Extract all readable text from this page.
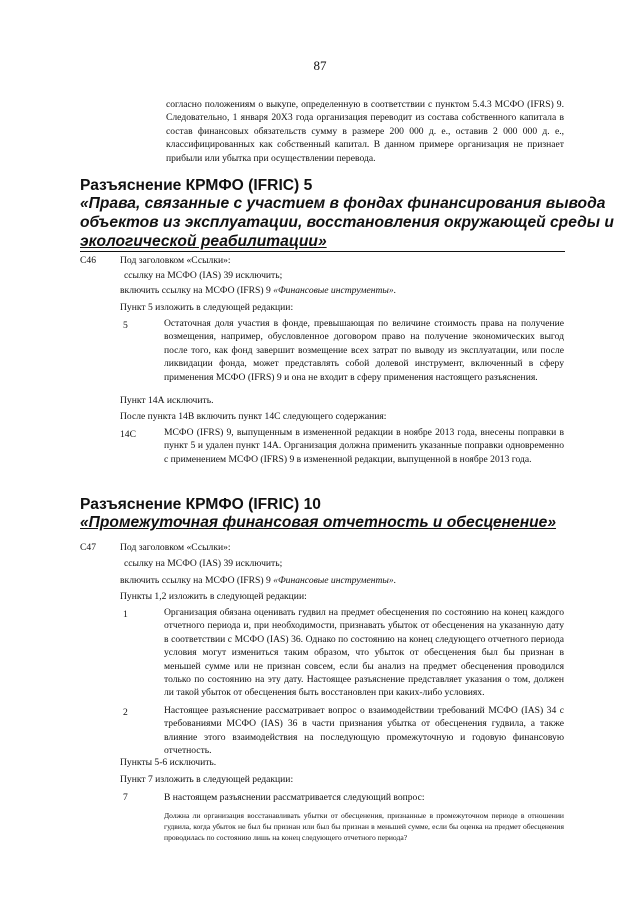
87
согласно положениям о выкупе, определенную в соответствии с пунктом 5.4.3 МСФО (IFRS) 9. Следовательно, 1 января 20X3 года организация переводит из состава собственного капитала в состав финансовых обязательств сумму в размере 200 000 д. е., оставив 2 000 000 д. е., классифицированных как собственный капитал. В данном примере организация не признает прибыли или убытка при осуществлении перевода.
Разъяснение КРМФО (IFRIC) 5
«Права, связанные с участием в фондах финансирования вывода
объектов из эксплуатации, восстановления окружающей среды и
экологической реабилитации»
С46	Под заголовком «Ссылки»:
ссылку на МСФО (IAS) 39 исключить;
включить ссылку на МСФО (IFRS) 9 «Финансовые инструменты».
Пункт 5 изложить в следующей редакции:
5	Остаточная доля участия в фонде, превышающая по величине стоимость права на получение возмещения, например, обусловленное договором право на получение экономических выгод после того, как фонд завершит возмещение всех затрат по выводу из эксплуатации, или после ликвидации фонда, может представлять собой долевой инструмент, включенный в сферу применения МСФО (IFRS) 9 и она не входит в сферу применения настоящего разъяснения.
Пункт 14А исключить.
После пункта 14В включить пункт 14С следующего содержания:
14С	МСФО (IFRS) 9, выпущенным в измененной редакции в ноябре 2013 года, внесены поправки в пункт 5 и удален пункт 14А. Организация должна применить указанные поправки одновременно с применением МСФО (IFRS) 9 в измененной редакции, выпущенной в ноябре 2013 года.
Разъяснение КРМФО (IFRIC) 10
«Промежуточная финансовая отчетность и обесценение»
С47	Под заголовком «Ссылки»:
ссылку на МСФО (IAS) 39 исключить;
включить ссылку на МСФО (IFRS) 9 «Финансовые инструменты».
Пункты 1,2 изложить в следующей редакции:
1	Организация обязана оценивать гудвил на предмет обесценения по состоянию на конец каждого отчетного периода и, при необходимости, признавать убыток от обесценения на указанную дату в соответствии с МСФО (IAS) 36. Однако по состоянию на конец следующего отчетного периода условия могут измениться таким образом, что убыток от обесценения был бы признан в меньшей сумме или не признан совсем, если бы анализ на предмет обесценения проводился только по состоянию на эту дату. Настоящее разъяснение представляет указания о том, должен ли такой убыток от обесценения быть восстановлен при каких-либо условиях.
2	Настоящее разъяснение рассматривает вопрос о взаимодействии требований МСФО (IAS) 34 с требованиями МСФО (IAS) 36 в части признания убытка от обесценения гудвила, а также влияние этого взаимодействия на последующую промежуточную и годовую финансовую отчетность.
Пункты 5-6 исключить.
Пункт 7 изложить в следующей редакции:
7	В настоящем разъяснении рассматривается следующий вопрос:
Должна ли организация восстанавливать убытки от обесценения, признанные в промежуточном периоде в отношении гудвила, когда убыток не был бы признан или был бы признан в меньшей сумме, если бы оценка на предмет обесценения проводилась по состоянию лишь на конец следующего отчетного периода?
